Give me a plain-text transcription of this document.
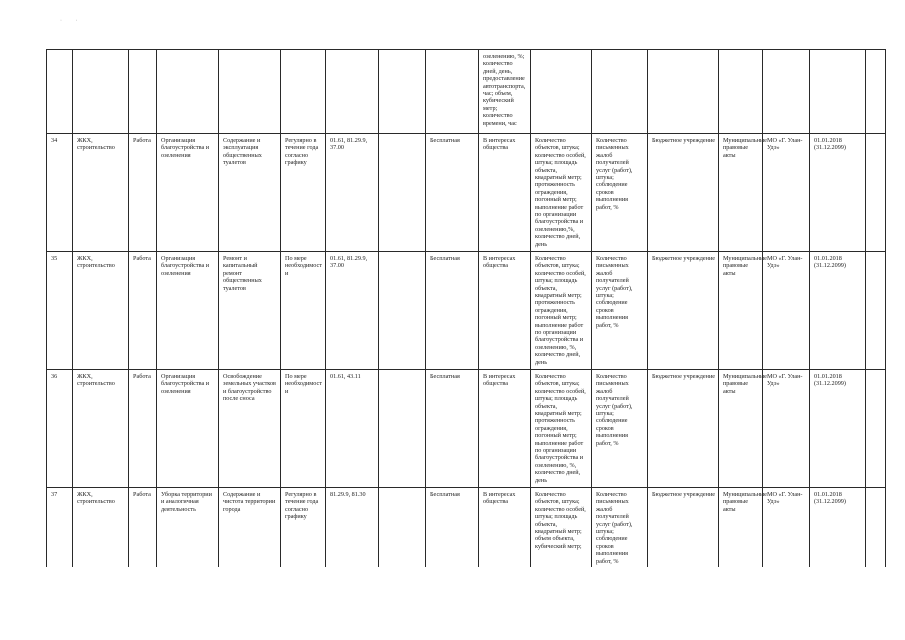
· ·
									озеленению, %;
количество дней, день,
предоставление автотранспорта, час; объем, кубический метр; количество времени, час							
34	ЖКХ,
строительство	Работа	Организация благоустройства и озеленения	Содержание и эксплуатация общественных туалетов	Регулярно в течение года согласно графику	01.61, 81.29.9, 37.00		Бесплатная	В интересах общества	Количество объектов, штука; количество особей, штука; площадь объекта, квадратный метр; протяженность ограждения, погонный метр; выполнение работ по организации благоустройства и озеленению,%, количество дней, день	Количество письменных жалоб получателей услуг (работ), штука; соблюдение сроков выполнения работ, %	Бюджетное учреждение	Муниципальные правовые акты	МО «Г. Улан-Удэ»	01.01.2018
(31.12.2099)	
35	ЖКХ,
строительство	Работа	Организация благоустройства и озеленения	Ремонт и капитальный ремонт общественных туалетов	По мере необходимост и	01.61, 81.29.9, 37.00		Бесплатная	В интересах общества	Количество объектов, штука; количество особей, штука; площадь объекта, квадратный метр; протяженность ограждения, погонный метр; выполнение работ по организации благоустройства и озеленению, %, количество дней, день	Количество письменных жалоб получателей услуг (работ), штука; соблюдение сроков выполнения работ, %	Бюджетное учреждение	Муниципальные правовые акты	МО «Г. Улан-Удэ»	01.01.2018
(31.12.2099)	
36	ЖКХ,
строительство	Работа	Организация благоустройства и озеленения	Освобождение земельных участков и благоустройство после сноса	По мере необходимост и	01.61, 43.11		Бесплатная	В интересах общества	Количество объектов, штука; количество особей, штука; площадь объекта, квадратный метр; протяженность ограждения, погонный метр; выполнение работ по организации благоустройства и озеленению, %, количество дней, день	Количество письменных жалоб получателей услуг (работ), штука; соблюдение сроков выполнения работ, %	Бюджетное учреждение	Муниципальные правовые акты	МО «Г. Улан-Удэ»	01.01.2018
(31.12.2099)	
37	ЖКХ,
строительство	Работа	Уборка территории и аналогичная деятельность	Содержание и чистота территории города	Регулярно в течение года согласно графику	81.29.9, 81.30		Бесплатная	В интересах общества	Количество объектов, штука; количество особей, штука; площадь объекта, квадратный метр; объем объекта, кубический метр;	Количество письменных жалоб получателей услуг (работ), штука; соблюдение сроков выполнения работ, %	Бюджетное учреждение	Муниципальные правовые акты	МО «Г. Улан-Удэ»	01.01.2018
(31.12.2099)	
